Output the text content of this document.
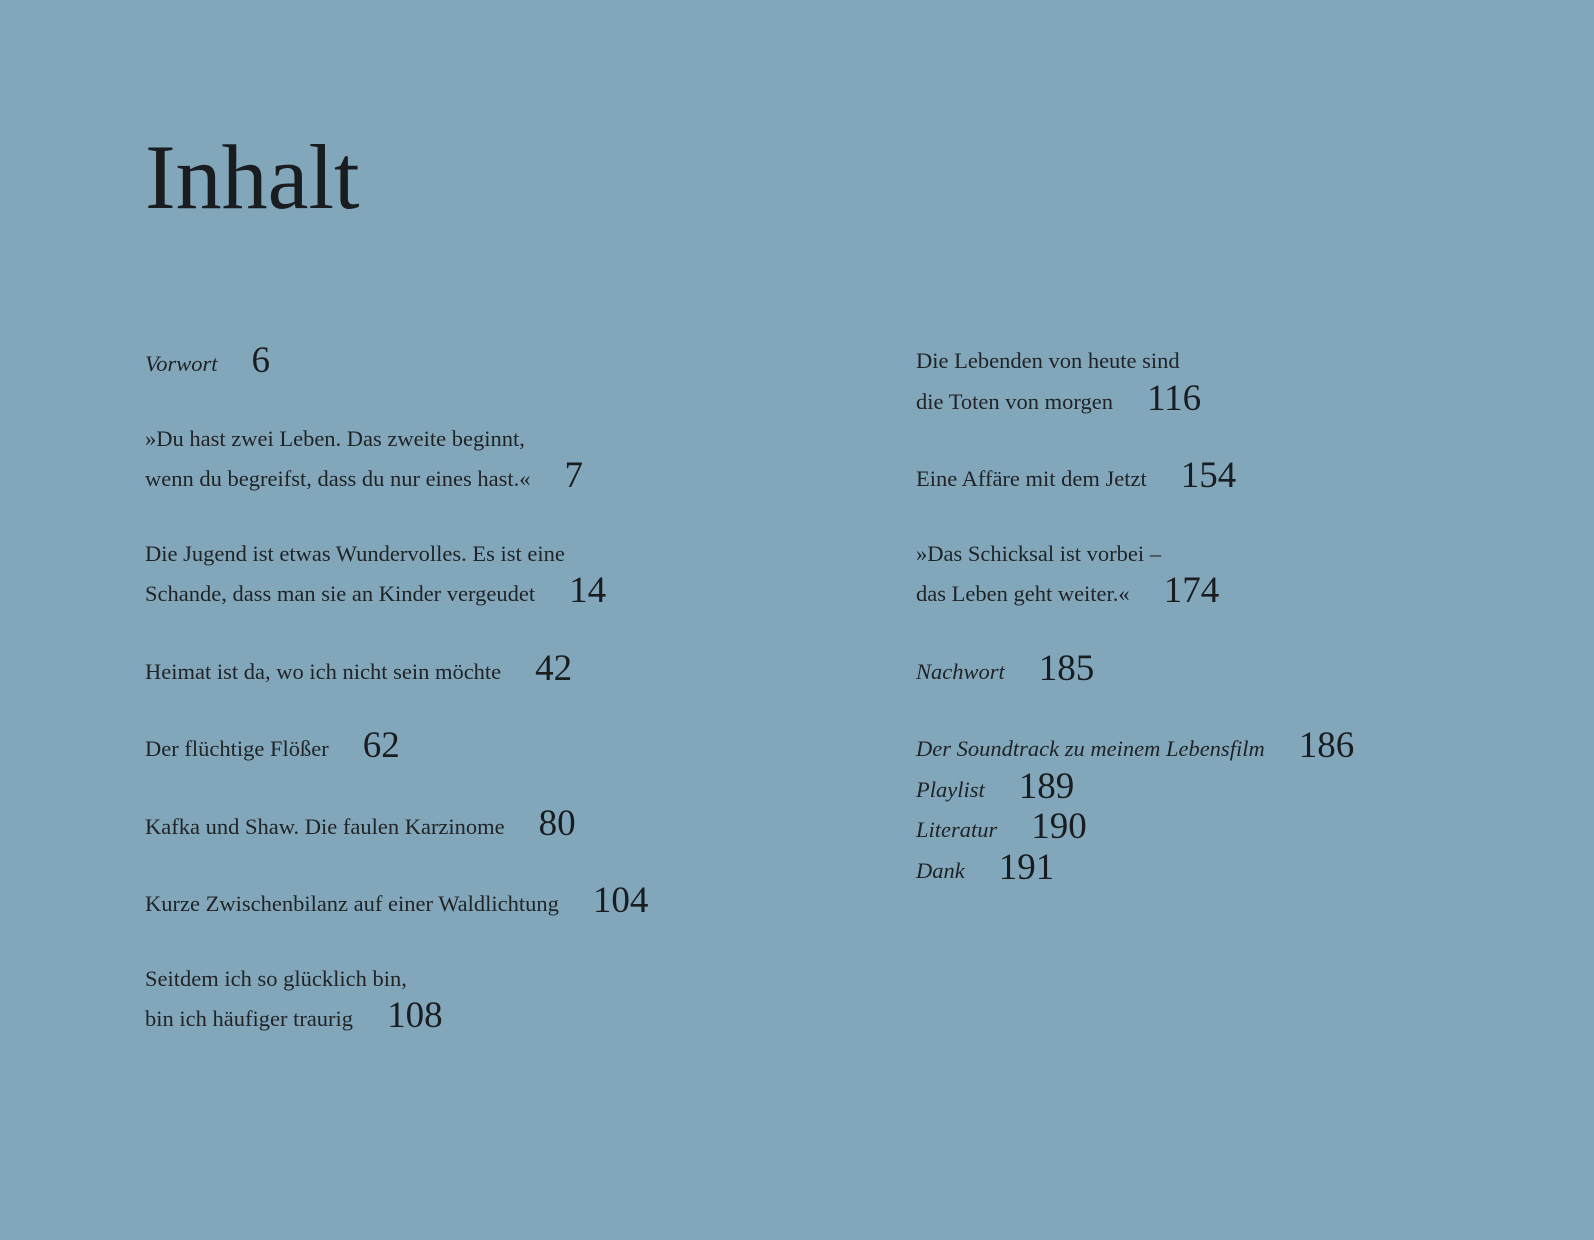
Inhalt
Vorwort 6
»Du hast zwei Leben. Das zweite beginnt,
wenn du begreifst, dass du nur eines hast.« 7
Die Jugend ist etwas Wundervolles. Es ist eine
Schande, dass man sie an Kinder vergeudet 14
Heimat ist da, wo ich nicht sein möchte 42
Der flüchtige Flößer 62
Kafka und Shaw. Die faulen Karzinome 80
Kurze Zwischenbilanz auf einer Waldlichtung 104
Seitdem ich so glücklich bin,
bin ich häufiger traurig 108
Die Lebenden von heute sind
die Toten von morgen 116
Eine Affäre mit dem Jetzt 154
»Das Schicksal ist vorbei –
das Leben geht weiter.« 174
Nachwort 185
Der Soundtrack zu meinem Lebensfilm 186
Playlist 189
Literatur 190
Dank 191
